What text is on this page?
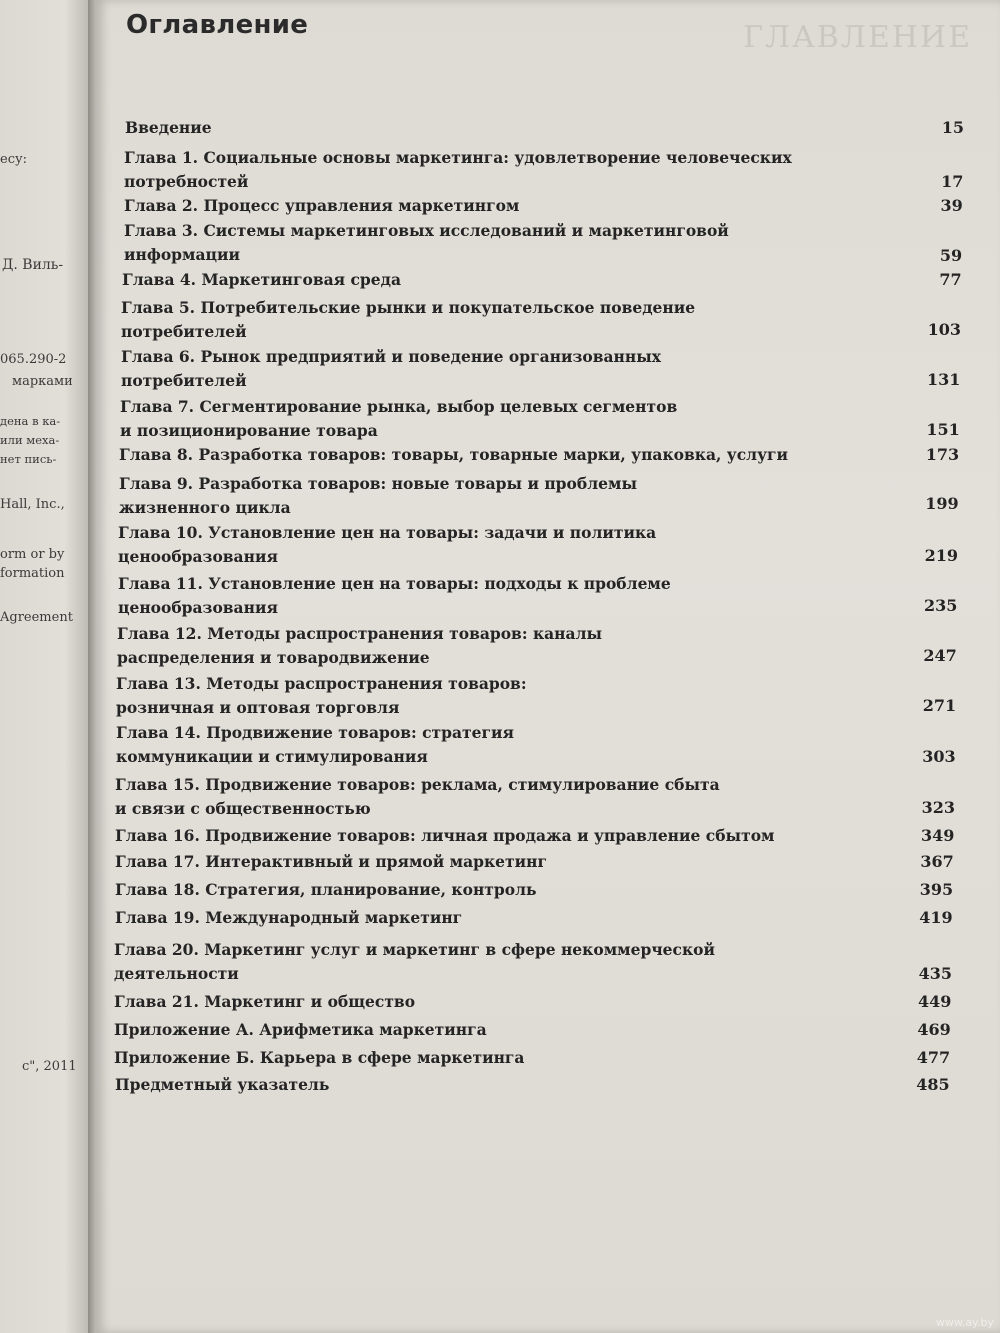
есу:
Д. Виль-
065.290-2
марками
дена в ка-
или меха-
нет пись-
Hall, Inc.,
orm or by
formation
Agreement
с", 2011
ГЛАВЛЕНИЕ
Оглавление
Введение	15
Глава 1. Социальные основы маркетинга: удовлетворение человеческих
потребностей	17
Глава 2. Процесс управления маркетингом	39
Глава 3. Системы маркетинговых исследований и маркетинговой
информации	59
Глава 4. Маркетинговая среда	77
Глава 5. Потребительские рынки и покупательское поведение
потребителей	103
Глава 6. Рынок предприятий и поведение организованных
потребителей	131
Глава 7. Сегментирование рынка, выбор целевых сегментов
и позиционирование товара	151
Глава 8. Разработка товаров: товары, товарные марки, упаковка, услуги	173
Глава 9. Разработка товаров: новые товары и проблемы
жизненного цикла	199
Глава 10. Установление цен на товары: задачи и политика
ценообразования	219
Глава 11. Установление цен на товары: подходы к проблеме
ценообразования	235
Глава 12. Методы распространения товаров: каналы
распределения и товародвижение	247
Глава 13. Методы распространения товаров:
розничная и оптовая торговля	271
Глава 14. Продвижение товаров: стратегия
коммуникации и стимулирования	303
Глава 15. Продвижение товаров: реклама, стимулирование сбыта
и связи с общественностью	323
Глава 16. Продвижение товаров: личная продажа и управление сбытом	349
Глава 17. Интерактивный и прямой маркетинг	367
Глава 18. Стратегия, планирование, контроль	395
Глава 19. Международный маркетинг	419
Глава 20. Маркетинг услуг и маркетинг в сфере некоммерческой
деятельности	435
Глава 21. Маркетинг и общество	449
Приложение А. Арифметика маркетинга	469
Приложение Б. Карьера в сфере маркетинга	477
Предметный указатель	485
www.ay.by
